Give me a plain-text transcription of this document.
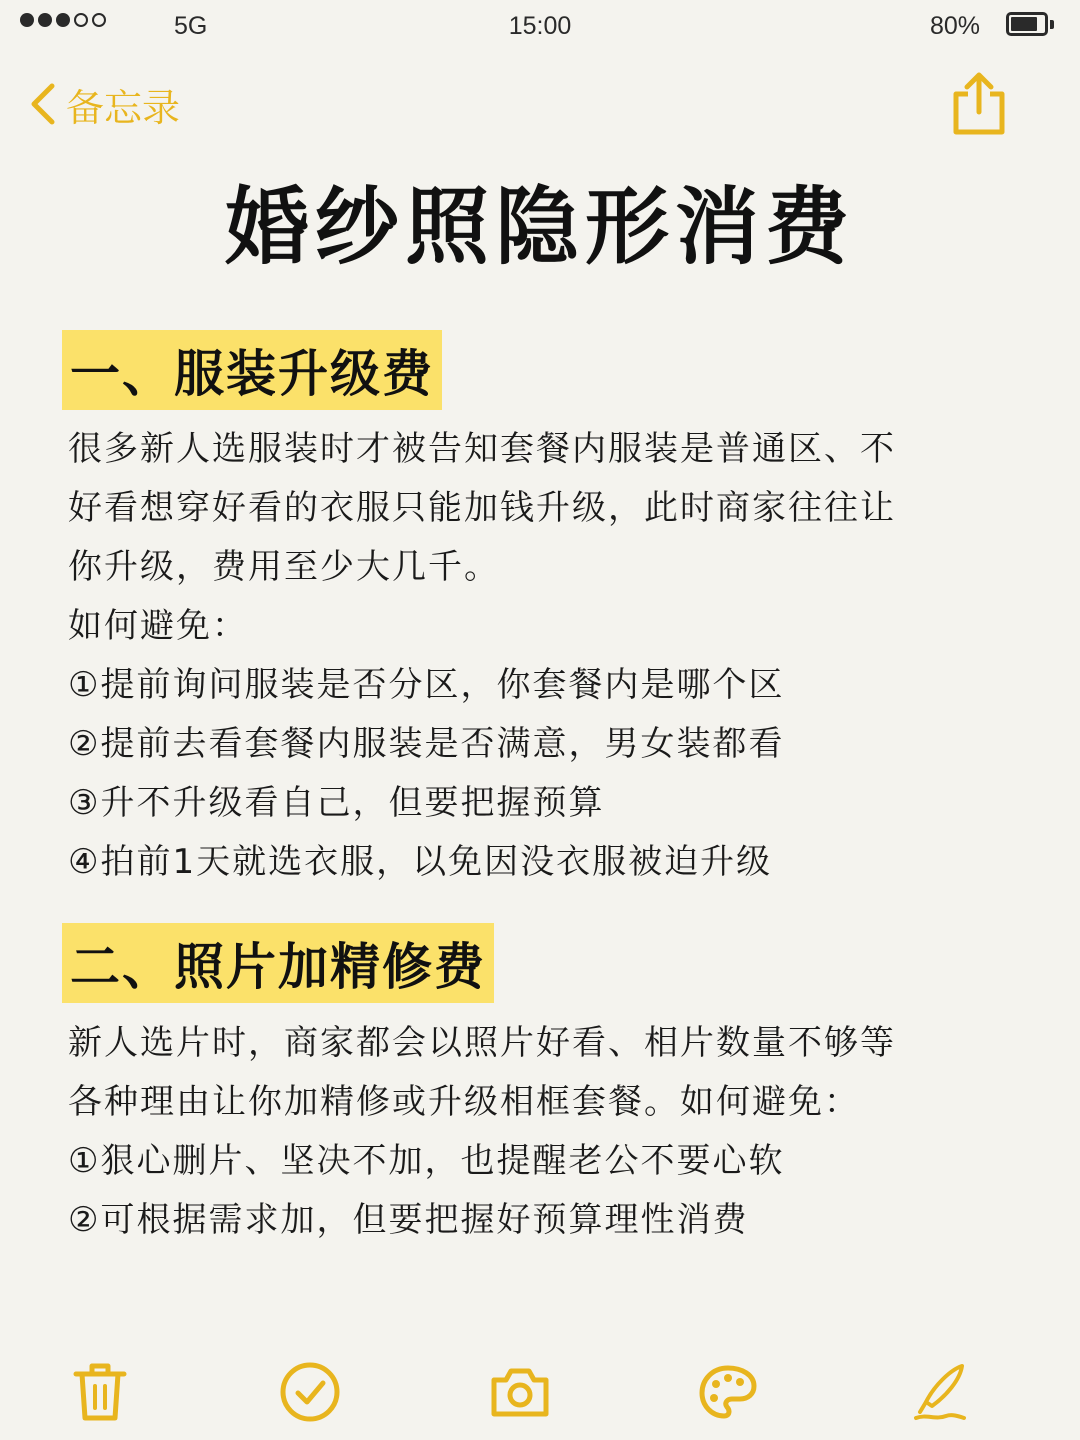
5G	15:00	80%
备忘录
婚纱照隐形消费
一、服装升级费
很多新人选服装时才被告知套餐内服装是普通区、不
好看想穿好看的衣服只能加钱升级，此时商家往往让
你升级，费用至少大几千。
如何避免：
①提前询问服装是否分区，你套餐内是哪个区
②提前去看套餐内服装是否满意，男女装都看
③升不升级看自己，但要把握预算
④拍前1天就选衣服，以免因没衣服被迫升级
二、照片加精修费
新人选片时，商家都会以照片好看、相片数量不够等
各种理由让你加精修或升级相框套餐。如何避免：
①狠心删片、坚决不加，也提醒老公不要心软
②可根据需求加，但要把握好预算理性消费
